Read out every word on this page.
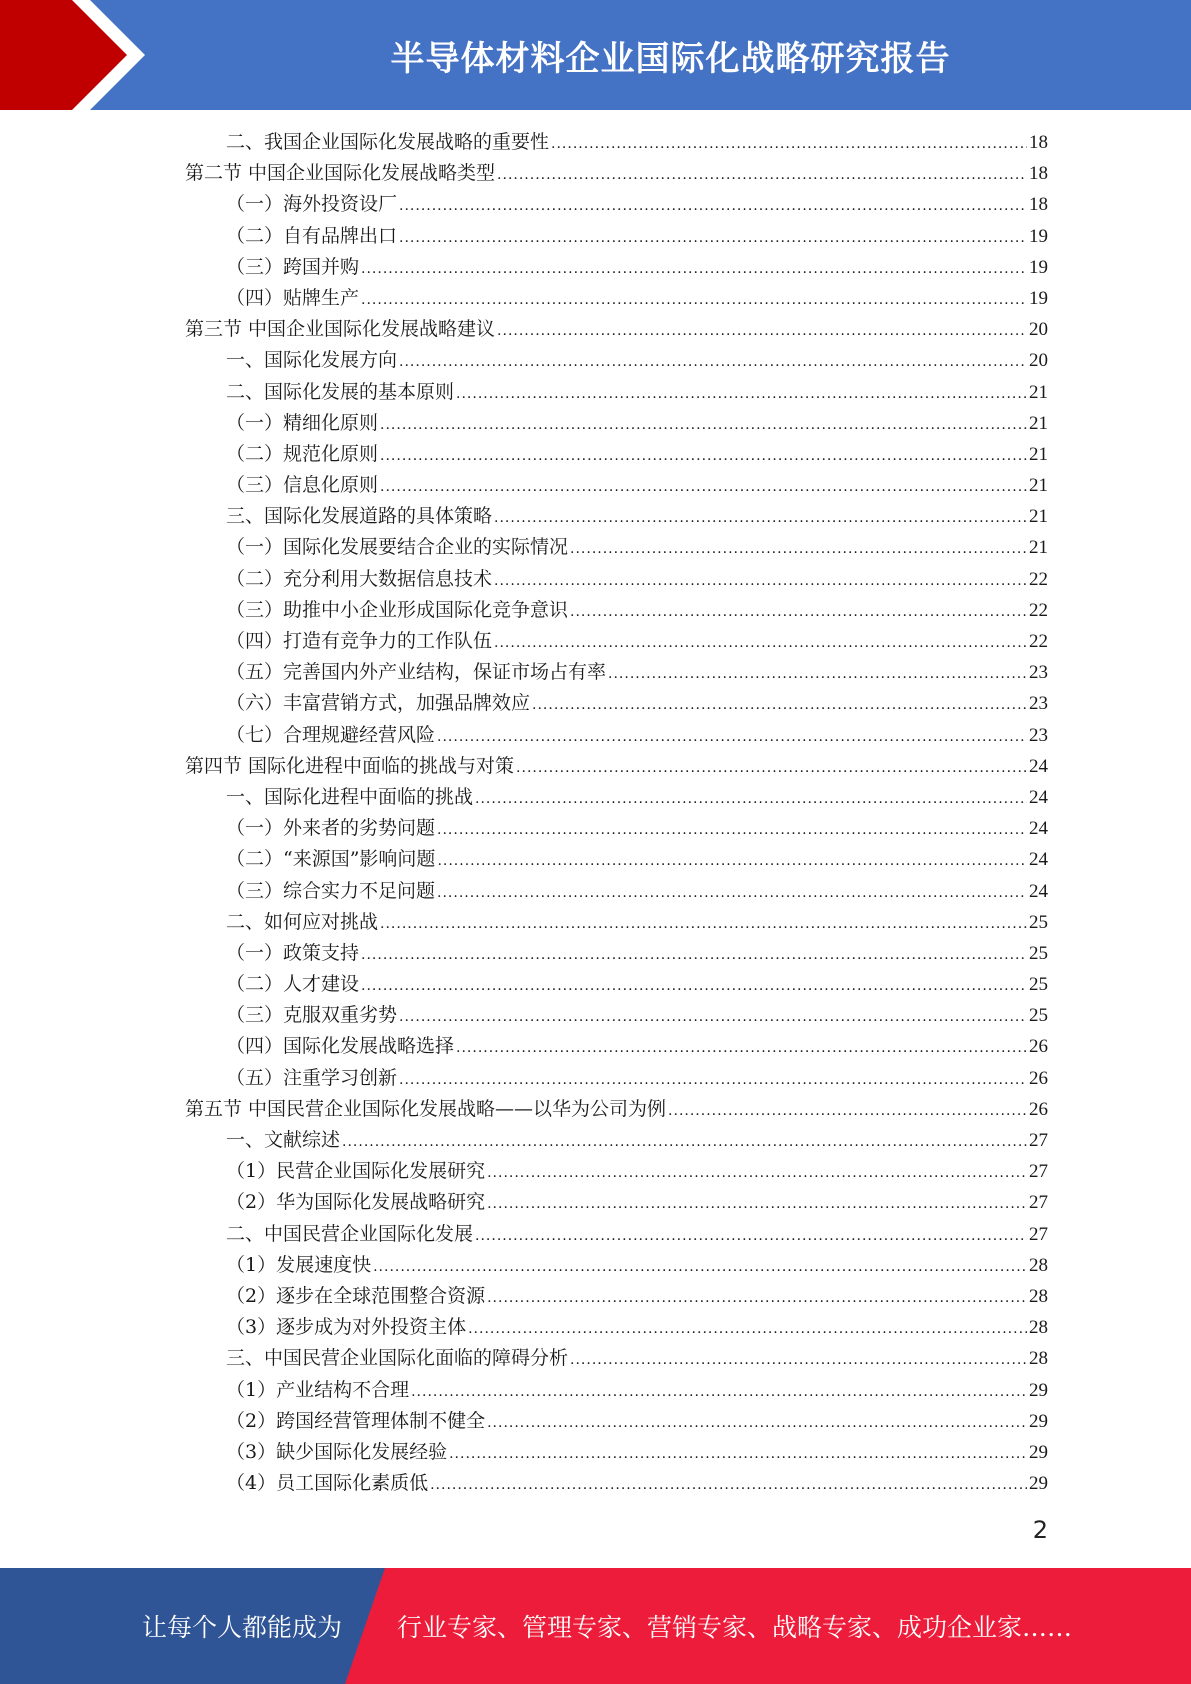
半导体材料企业国际化战略研究报告
二、我国企业国际化发展战略的重要性 .....	18
第二节 中国企业国际化发展战略类型 .....	18
（一）海外投资设厂 .....	18
（二）自有品牌出口 .....	19
（三）跨国并购 .....	19
（四）贴牌生产 .....	19
第三节 中国企业国际化发展战略建议 .....	20
一、国际化发展方向 .....	20
二、国际化发展的基本原则 .....	21
（一）精细化原则 .....	21
（二）规范化原则 .....	21
（三）信息化原则 .....	21
三、国际化发展道路的具体策略 .....	21
（一）国际化发展要结合企业的实际情况 .....	21
（二）充分利用大数据信息技术 .....	22
（三）助推中小企业形成国际化竞争意识 .....	22
（四）打造有竞争力的工作队伍 .....	22
（五）完善国内外产业结构，保证市场占有率 .....	23
（六）丰富营销方式，加强品牌效应 .....	23
（七）合理规避经营风险 .....	23
第四节 国际化进程中面临的挑战与对策 .....	24
一、国际化进程中面临的挑战 .....	24
（一）外来者的劣势问题 .....	24
（二）“来源国”影响问题 .....	24
（三）综合实力不足问题 .....	24
二、如何应对挑战 .....	25
（一）政策支持 .....	25
（二）人才建设 .....	25
（三）克服双重劣势 .....	25
（四）国际化发展战略选择 .....	26
（五）注重学习创新 .....	26
第五节 中国民营企业国际化发展战略——以华为公司为例 .....	26
一、文献综述 .....	27
（1）民营企业国际化发展研究 .....	27
（2）华为国际化发展战略研究 .....	27
二、中国民营企业国际化发展 .....	27
（1）发展速度快 .....	28
（2）逐步在全球范围整合资源 .....	28
（3）逐步成为对外投资主体 .....	28
三、中国民营企业国际化面临的障碍分析 .....	28
（1）产业结构不合理 .....	29
（2）跨国经营管理体制不健全 .....	29
（3）缺少国际化发展经验 .....	29
（4）员工国际化素质低 .....	29
2
让每个人都能成为 行业专家、管理专家、营销专家、战略专家、成功企业家……
